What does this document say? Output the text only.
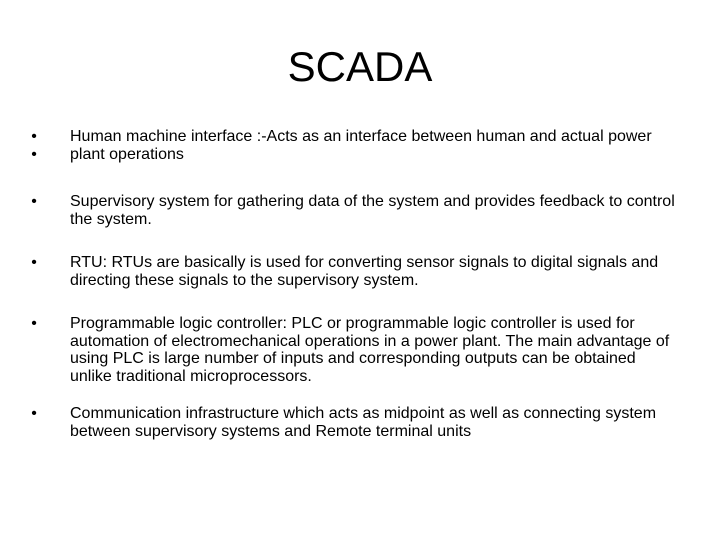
SCADA
•
•
Human machine interface :-Acts as an interface between human and actual power plant operations
• Supervisory system for gathering data of the system and provides feedback to control the system.
• RTU: RTUs are basically is used for converting sensor signals to digital signals and directing these signals to the supervisory system.
• Programmable logic controller: PLC or programmable logic controller is used for automation of electromechanical operations in a power plant. The main advantage of using PLC is large number of inputs and corresponding outputs can be obtained unlike traditional microprocessors.
• Communication infrastructure which acts as midpoint as well as connecting system between supervisory systems and Remote terminal units
